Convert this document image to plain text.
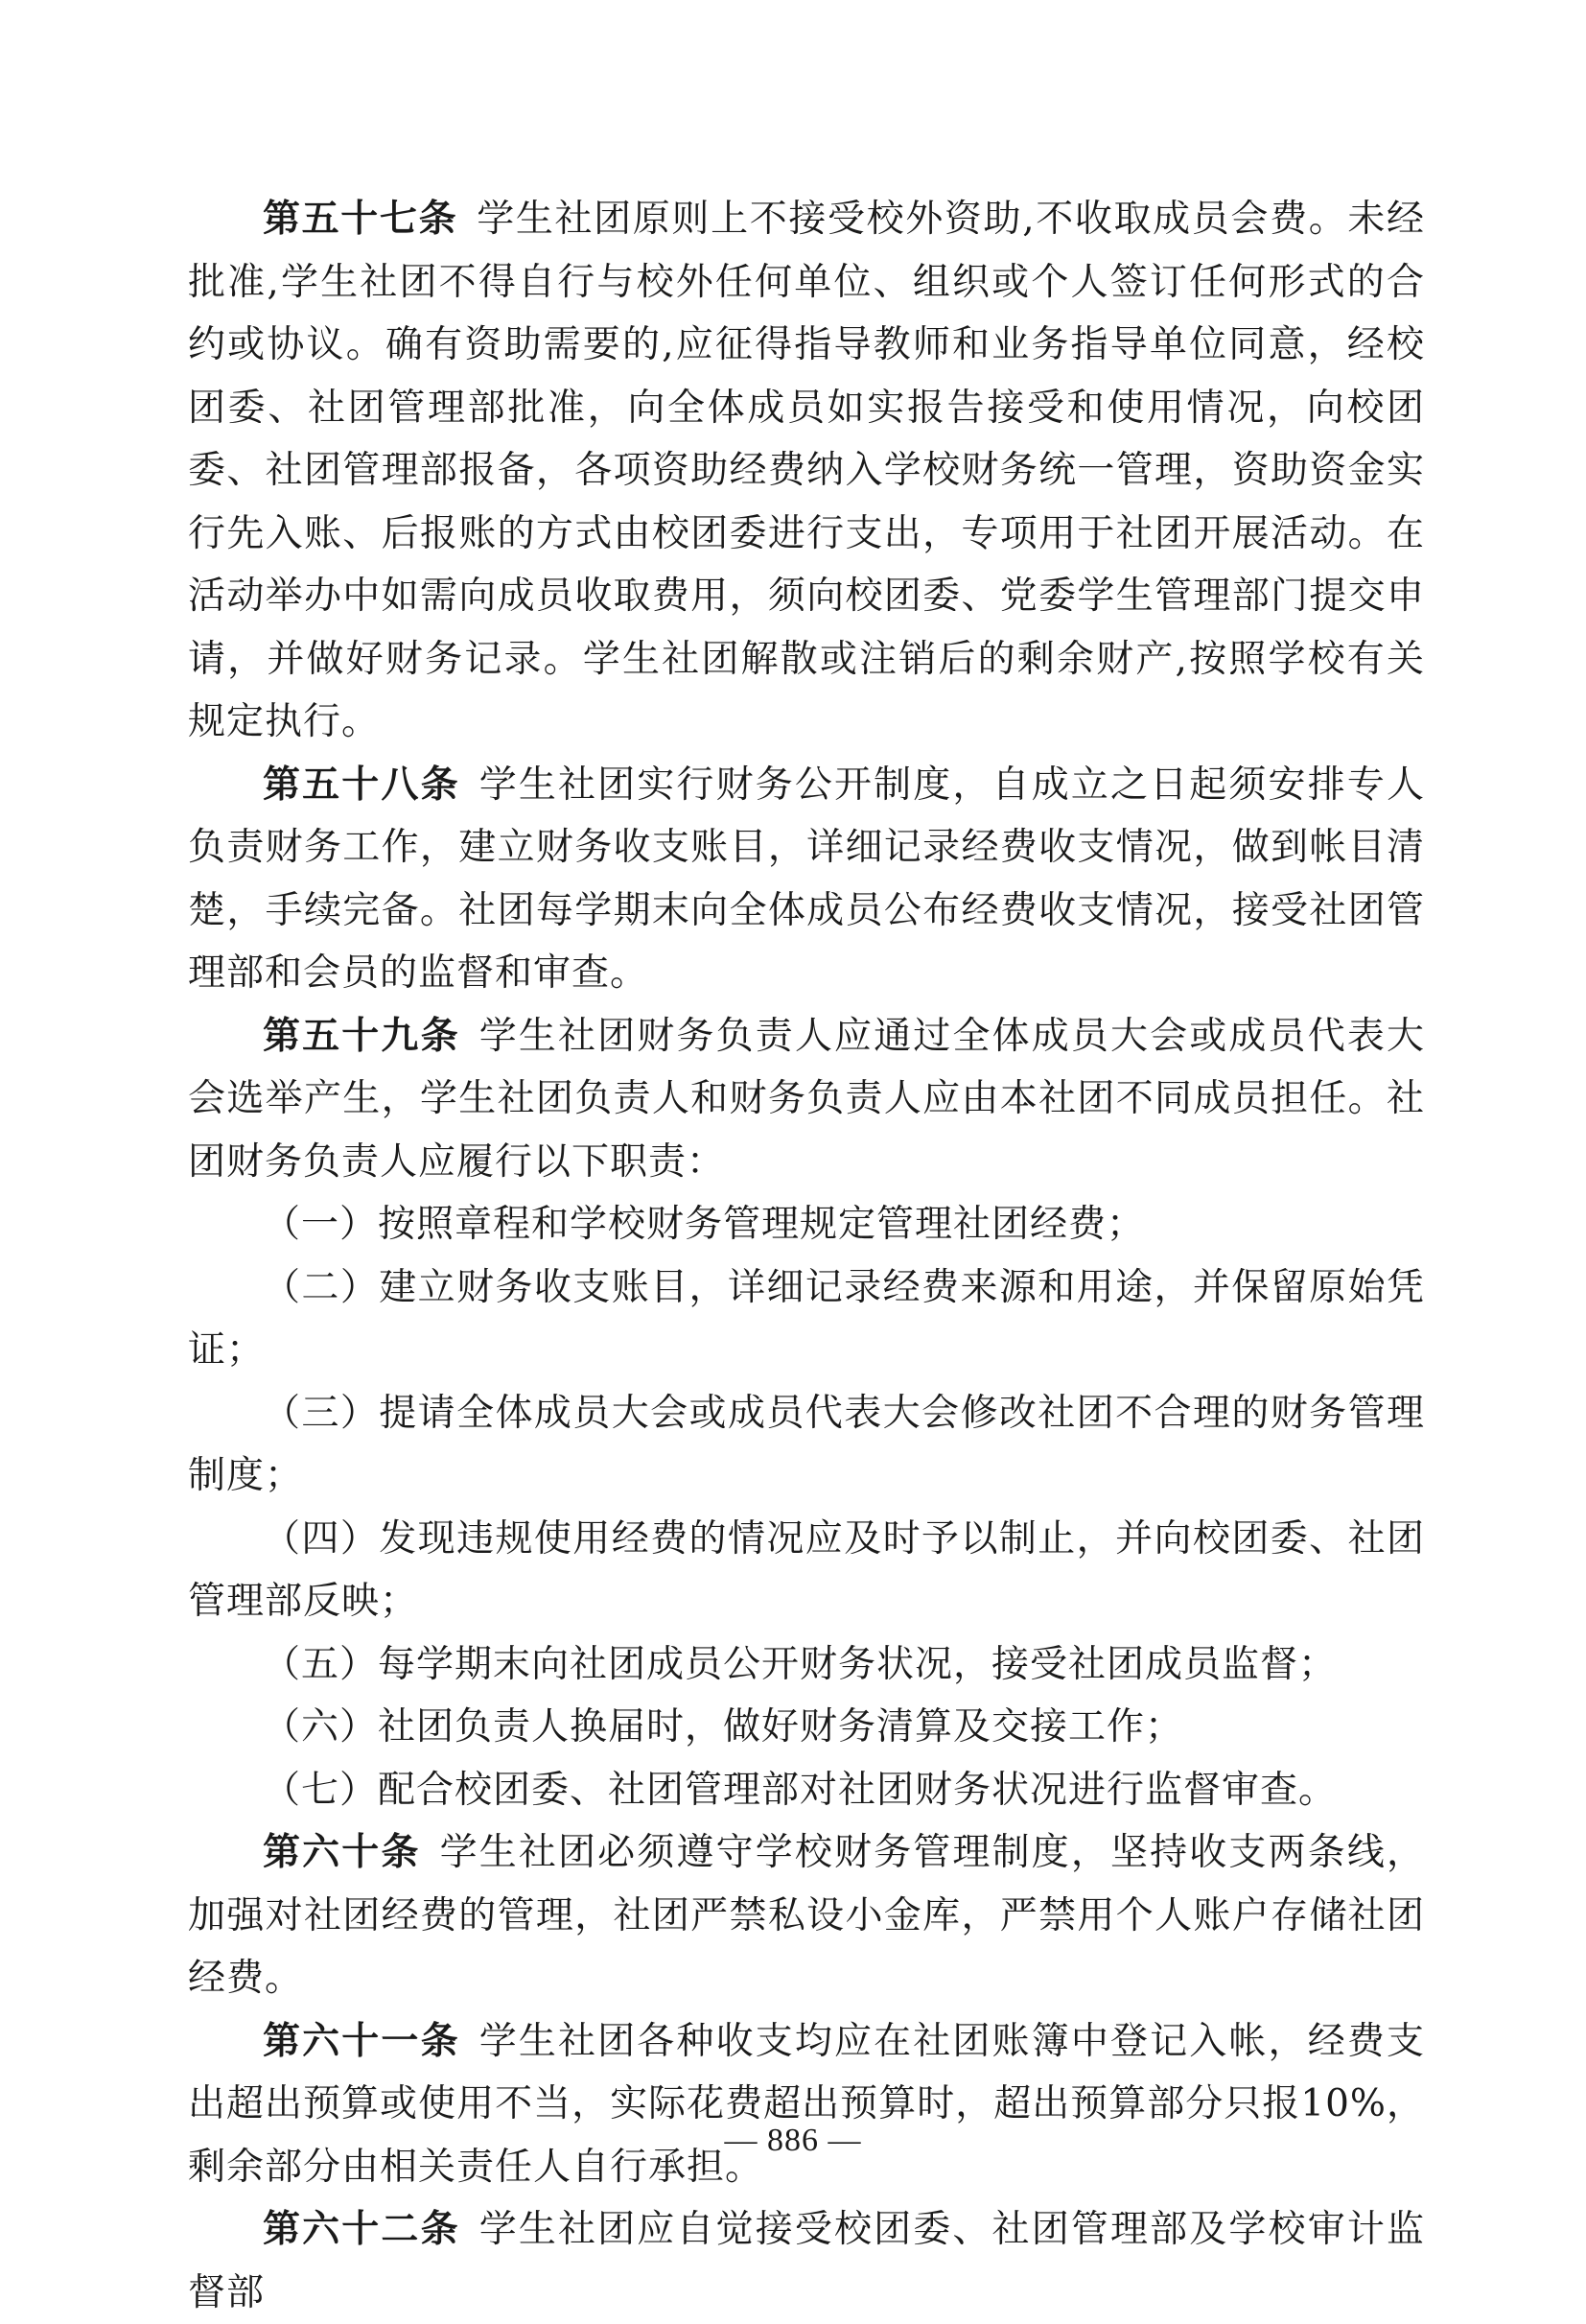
第五十七条 学生社团原则上不接受校外资助,不收取成员会费。未经批准,学生社团不得自行与校外任何单位、组织或个人签订任何形式的合约或协议。确有资助需要的,应征得指导教师和业务指导单位同意，经校团委、社团管理部批准，向全体成员如实报告接受和使用情况，向校团委、社团管理部报备，各项资助经费纳入学校财务统一管理，资助资金实行先入账、后报账的方式由校团委进行支出，专项用于社团开展活动。在活动举办中如需向成员收取费用，须向校团委、党委学生管理部门提交申请，并做好财务记录。学生社团解散或注销后的剩余财产,按照学校有关规定执行。

第五十八条 学生社团实行财务公开制度，自成立之日起须安排专人负责财务工作，建立财务收支账目，详细记录经费收支情况，做到帐目清楚，手续完备。社团每学期末向全体成员公布经费收支情况，接受社团管理部和会员的监督和审查。

第五十九条 学生社团财务负责人应通过全体成员大会或成员代表大会选举产生，学生社团负责人和财务负责人应由本社团不同成员担任。社团财务负责人应履行以下职责：

（一）按照章程和学校财务管理规定管理社团经费；

（二）建立财务收支账目，详细记录经费来源和用途，并保留原始凭证；

（三）提请全体成员大会或成员代表大会修改社团不合理的财务管理制度；

（四）发现违规使用经费的情况应及时予以制止，并向校团委、社团管理部反映；

（五）每学期末向社团成员公开财务状况，接受社团成员监督；

（六）社团负责人换届时，做好财务清算及交接工作；

（七）配合校团委、社团管理部对社团财务状况进行监督审查。

第六十条 学生社团必须遵守学校财务管理制度，坚持收支两条线，加强对社团经费的管理，社团严禁私设小金库，严禁用个人账户存储社团经费。

第六十一条 学生社团各种收支均应在社团账簿中登记入帐，经费支出超出预算或使用不当，实际花费超出预算时，超出预算部分只报10%，剩余部分由相关责任人自行承担。

第六十二条 学生社团应自觉接受校团委、社团管理部及学校审计监督部

— 886 —
